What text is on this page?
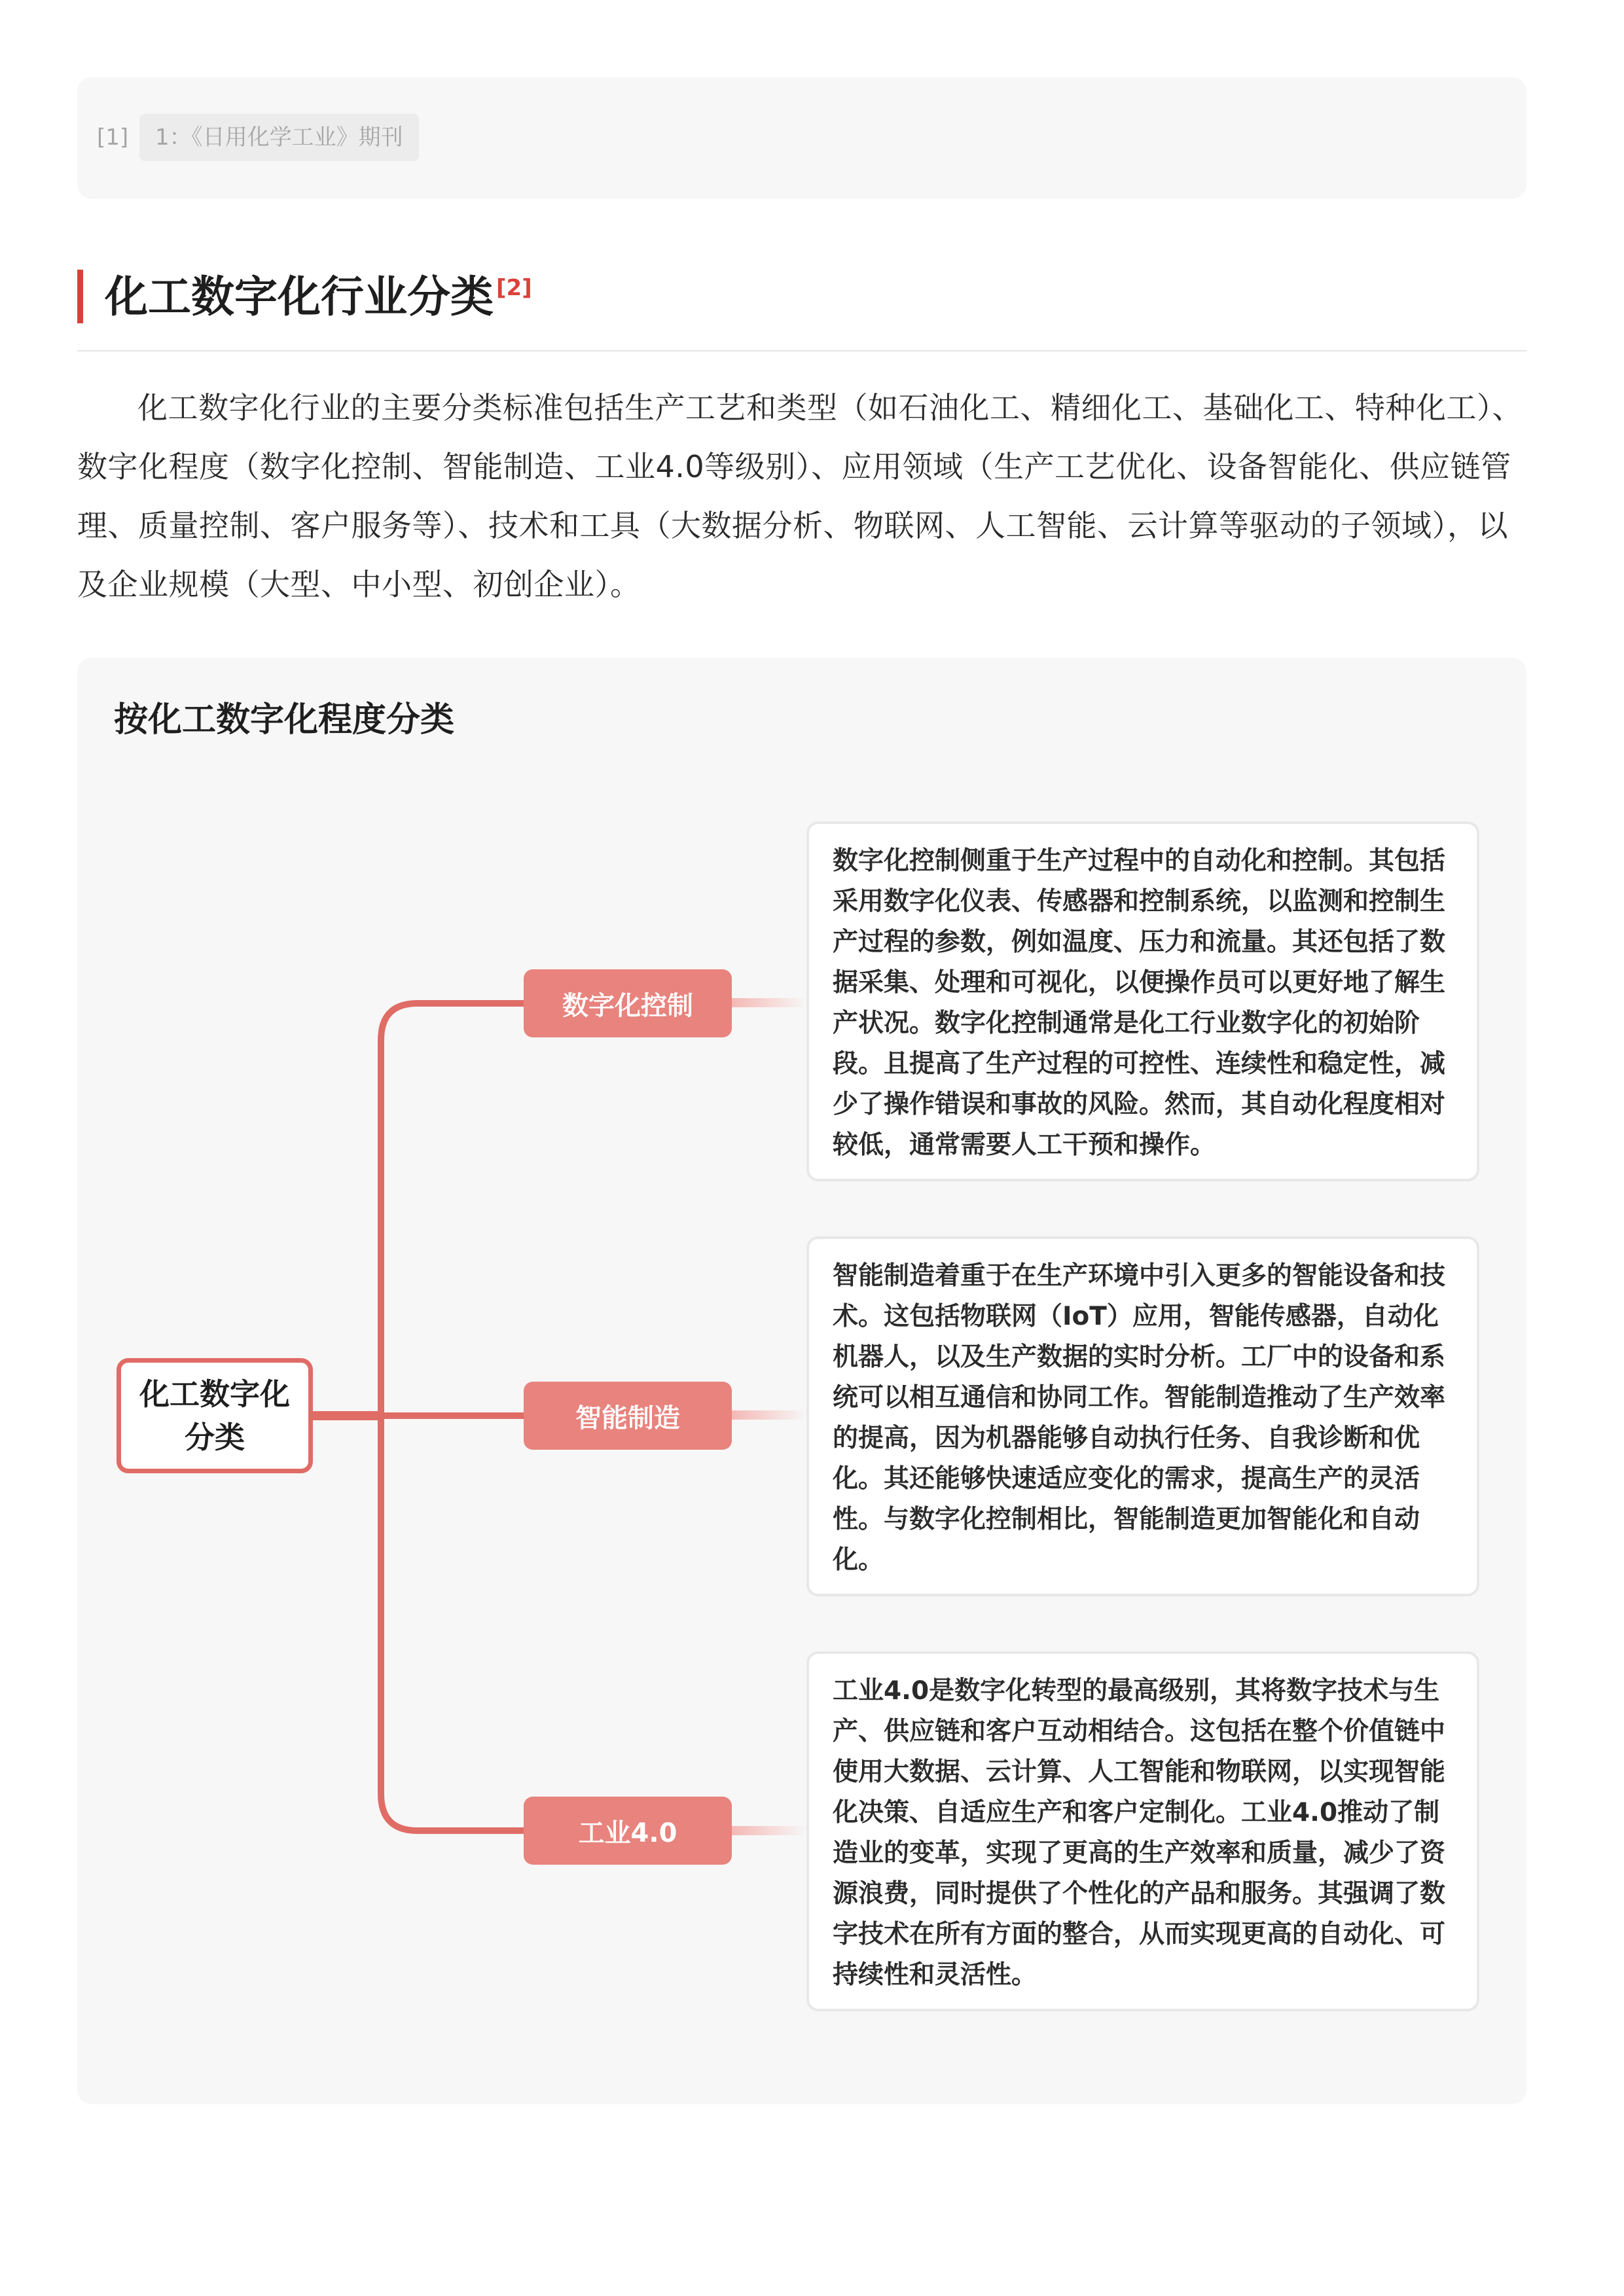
[1]	1：《日用化学工业》期刊
化工数字化行业分类 [2]
化工数字化行业的主要分类标准包括生产工艺和类型（如石油化工、精细化工、基础化工、特种化工）、数字化程度（数字化控制、智能制造、工业4.0等级别）、应用领域（生产工艺优化、设备智能化、供应链管理、质量控制、客户服务等）、技术和工具（大数据分析、物联网、人工智能、云计算等驱动的子领域），以及企业规模（大型、中小型、初创企业）。
按化工数字化程度分类
化工数字化分类
数字化控制
智能制造
工业4.0
数字化控制侧重于生产过程中的自动化和控制。其包括采用数字化仪表、传感器和控制系统，以监测和控制生产过程的参数，例如温度、压力和流量。其还包括了数据采集、处理和可视化，以便操作员可以更好地了解生产状况。数字化控制通常是化工行业数字化的初始阶段。且提高了生产过程的可控性、连续性和稳定性，减少了操作错误和事故的风险。然而，其自动化程度相对较低，通常需要人工干预和操作。
智能制造着重于在生产环境中引入更多的智能设备和技术。这包括物联网（IoT）应用，智能传感器，自动化机器人，以及生产数据的实时分析。工厂中的设备和系统可以相互通信和协同工作。智能制造推动了生产效率的提高，因为机器能够自动执行任务、自我诊断和优化。其还能够快速适应变化的需求，提高生产的灵活性。与数字化控制相比，智能制造更加智能化和自动化。
工业4.0是数字化转型的最高级别，其将数字技术与生产、供应链和客户互动相结合。这包括在整个价值链中使用大数据、云计算、人工智能和物联网，以实现智能化决策、自适应生产和客户定制化。工业4.0推动了制造业的变革，实现了更高的生产效率和质量，减少了资源浪费，同时提供了个性化的产品和服务。其强调了数字技术在所有方面的整合，从而实现更高的自动化、可持续性和灵活性。
